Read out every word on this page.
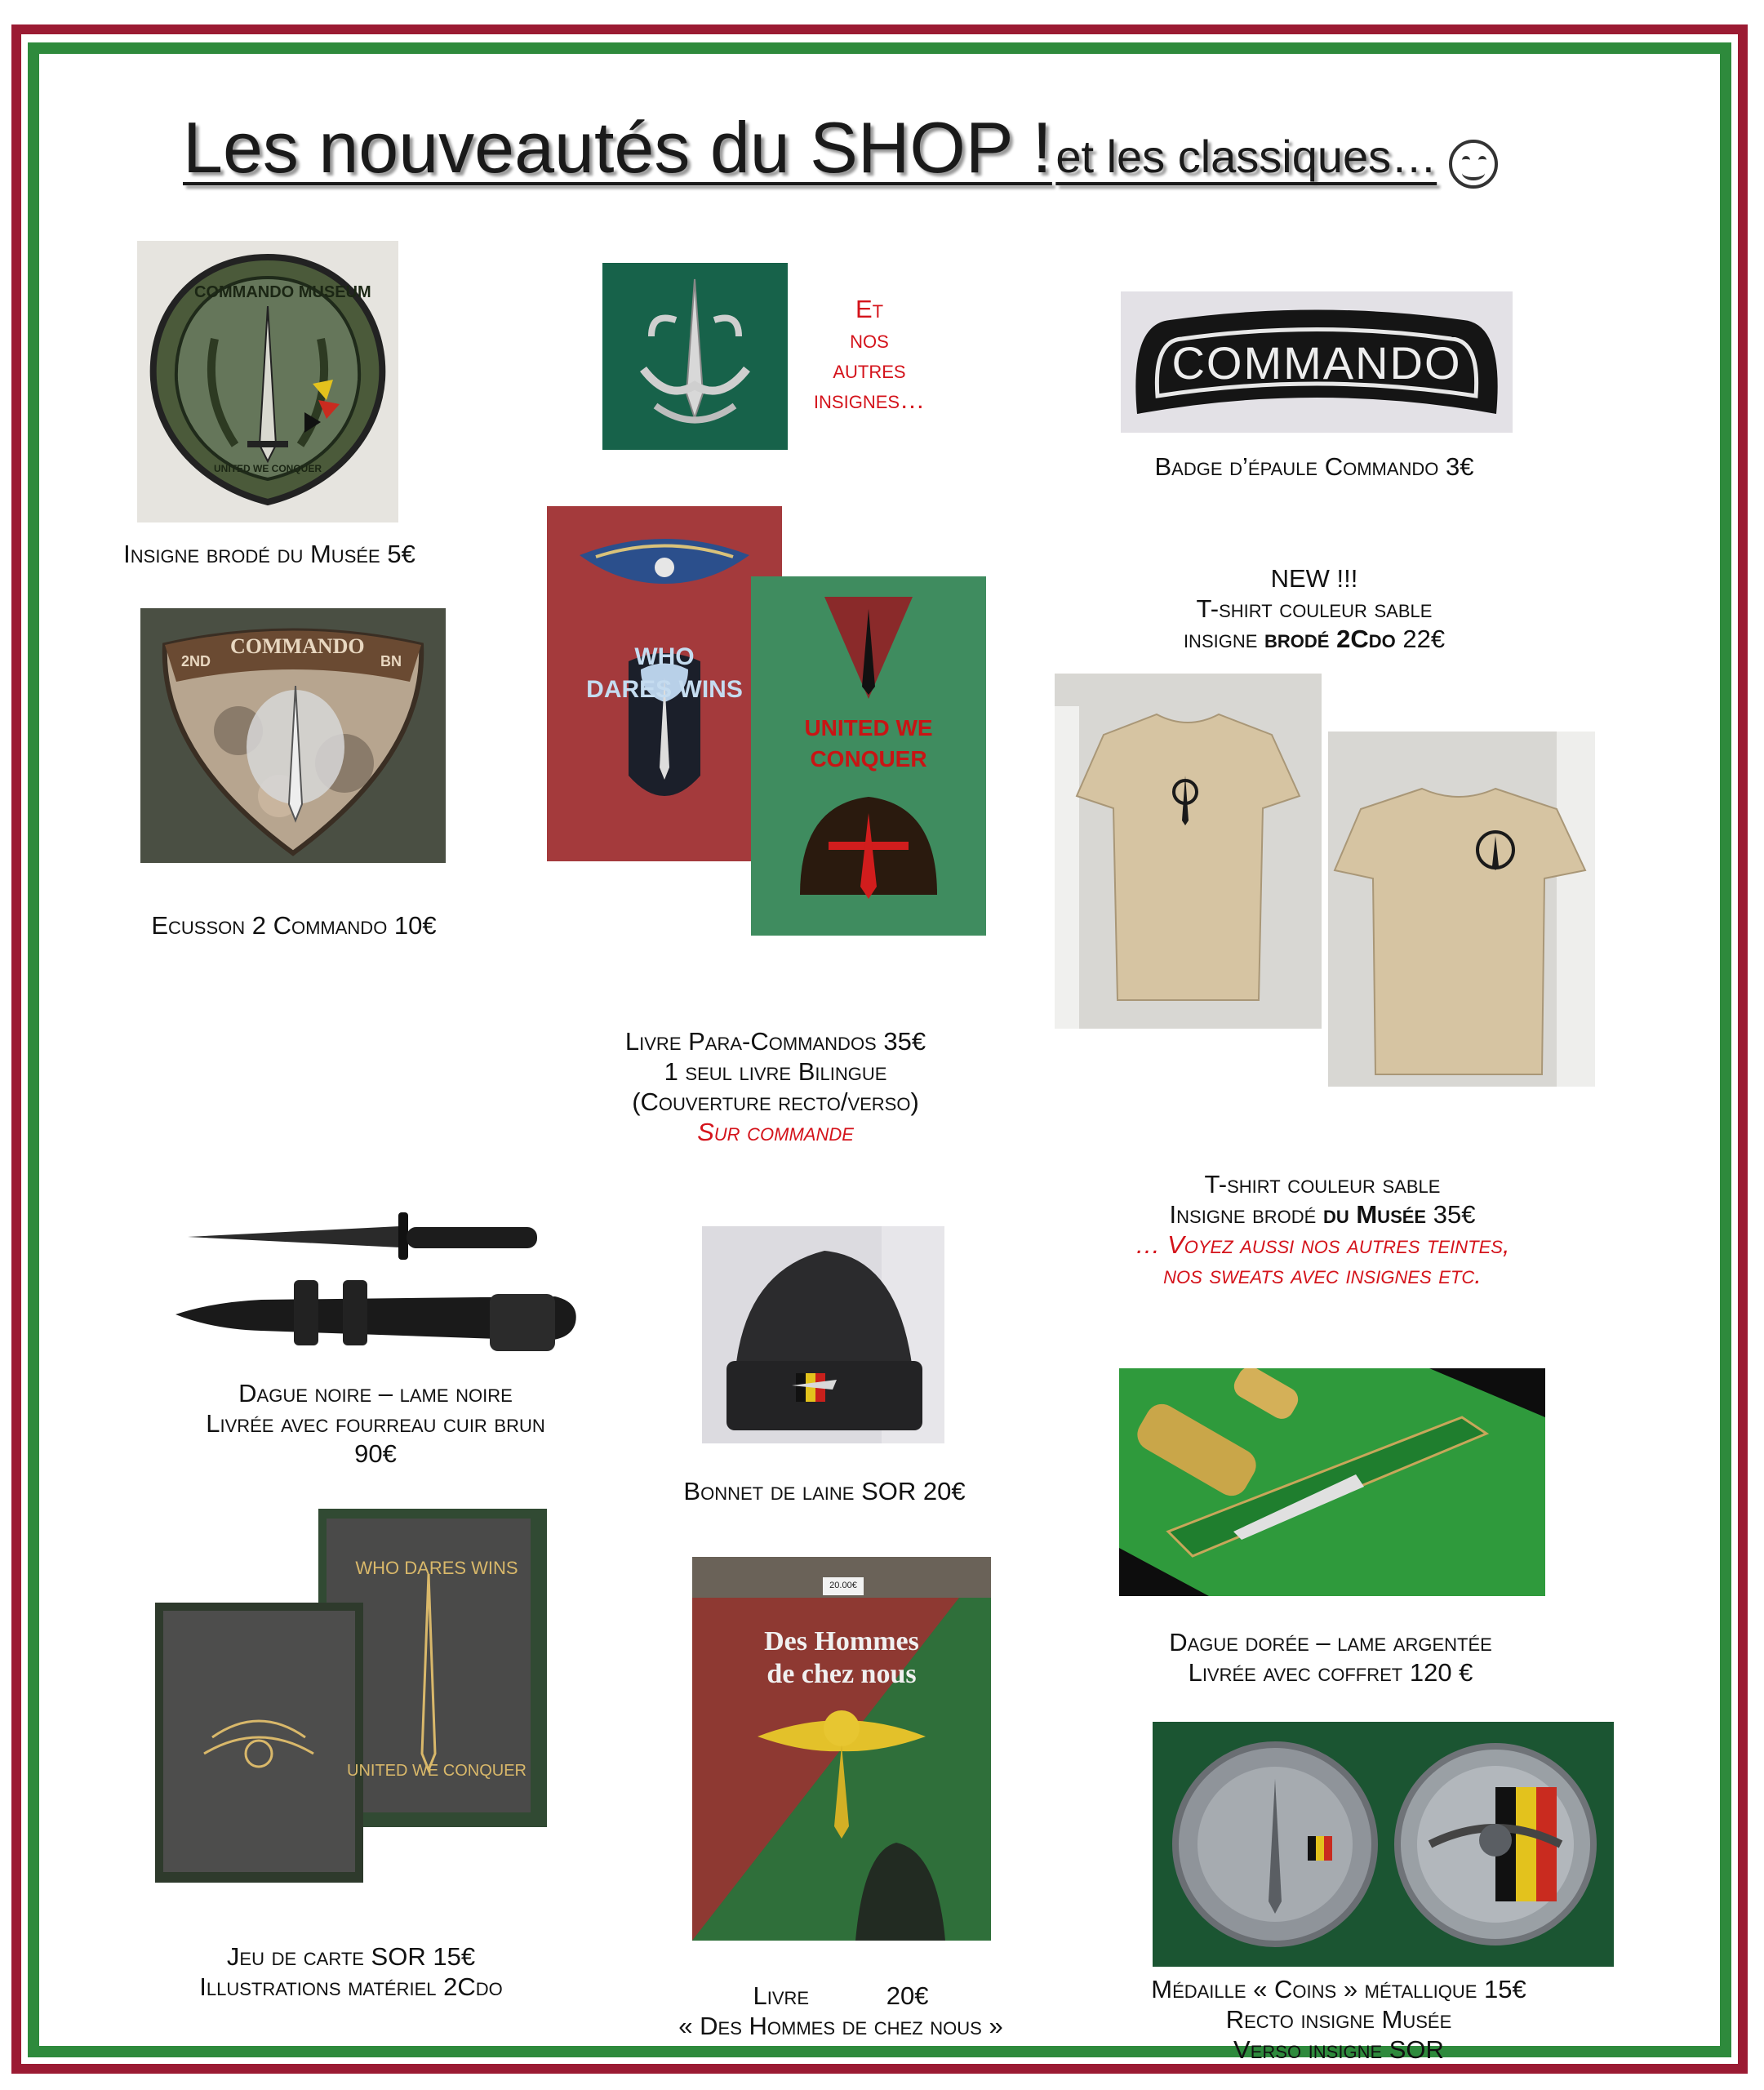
Les nouveautés du SHOP ! et les classiques…
COMMANDO MUSEUM
UNITED WE CONQUER
Insigne brodé du Musée 5€
Et
nos
autres
insignes…
COMMANDO
Badge d’épaule Commando 3€
COMMANDO
2ND	BN
Ecusson 2 Commando 10€
WHO
DARES WINS
UNITED WE
CONQUER
Livre Para-Commandos 35€
1 seul livre Bilingue
(Couverture recto/verso)
Sur commande
NEW !!!
T-shirt couleur sable
insigne brodé 2Cdo 22€
T-shirt couleur sable
Insigne brodé du Musée 35€
… Voyez aussi nos autres teintes,
nos sweats avec insignes etc.
Dague noire – lame noire
Livrée avec fourreau cuir brun
90€
Bonnet de laine SOR 20€
Dague dorée – lame argentée
Livrée avec coffret 120 €
WHO DARES WINS
UNITED WE CONQUER
Jeu de carte SOR 15€
Illustrations matériel 2Cdo
20.00€
Des Hommes
de chez nous
Livre           20€
« Des Hommes de chez nous »
Médaille « Coins » métallique 15€
Recto insigne Musée
Verso insigne SOR
